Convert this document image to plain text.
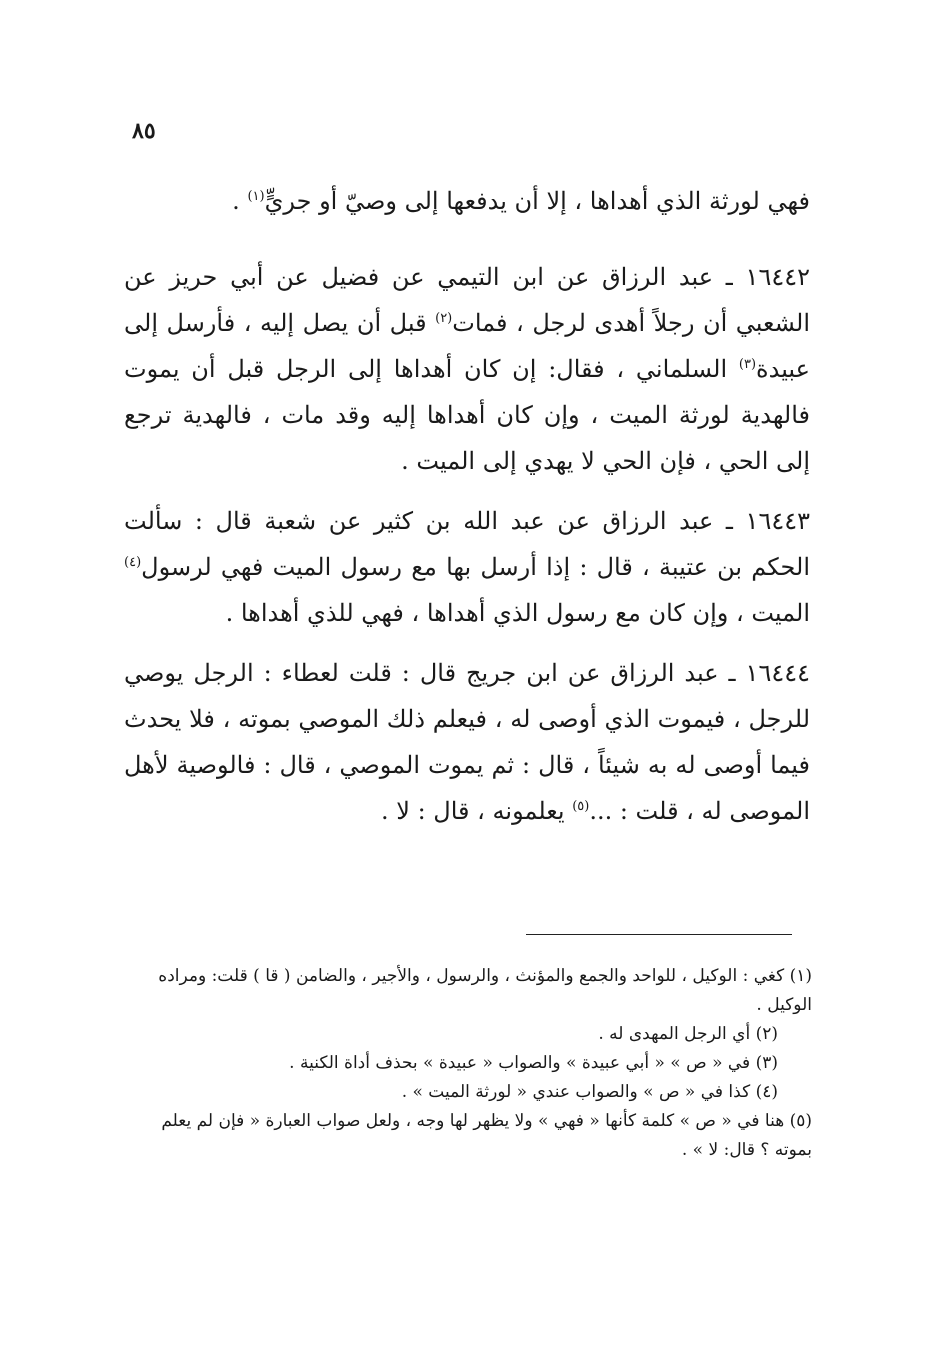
٨٥

فهي لورثة الذي أهداها ، إلا أن يدفعها إلى وصيّ أو جريٍّ$^{(١)}$ .

١٦٤٤٢ ـ عبد الرزاق عن ابن التيمي عن فضيل عن أبي حريز عن الشعبي أن رجلاً أهدى لرجل ، فمات$^{(٢)}$ قبل أن يصل إليه ، فأرسل إلى عبيدة$^{(٣)}$ السلماني ، فقال: إن كان أهداها إلى الرجل قبل أن يموت فالهدية لورثة الميت ، وإن كان أهداها إليه وقد مات ، فالهدية ترجع إلى الحي ، فإن الحي لا يهدي إلى الميت .

١٦٤٤٣ ـ عبد الرزاق عن عبد الله بن كثير عن شعبة قال : سألت الحكم بن عتيبة ، قال : إذا أرسل بها مع رسول الميت فهي لرسول$^{(٤)}$ الميت ، وإن كان مع رسول الذي أهداها ، فهي للذي أهداها .

١٦٤٤٤ ـ عبد الرزاق عن ابن جريج قال : قلت لعطاء : الرجل يوصي للرجل ، فيموت الذي أوصى له ، فيعلم ذلك الموصي بموته ، فلا يحدث فيما أوصى له به شيئاً ، قال : ثم يموت الموصي ، قال : فالوصية لأهل الموصى له ، قلت : ...$^{(٥)}$ يعلمونه ، قال : لا .

(١) كغي : الوكيل ، للواحد والجمع والمؤنث ، والرسول ، والأجير ، والضامن ( قا ) قلت: ومراده الوكيل .
(٢) أي الرجل المهدى له .
(٣) في « ص » « أبي عبيدة » والصواب « عبيدة » بحذف أداة الكنية .
(٤) كذا في « ص » والصواب عندي « لورثة الميت » .
(٥) هنا في « ص » كلمة كأنها « فهي » ولا يظهر لها وجه ، ولعل صواب العبارة « فإن لم يعلم بموته ؟ قال: لا » .
